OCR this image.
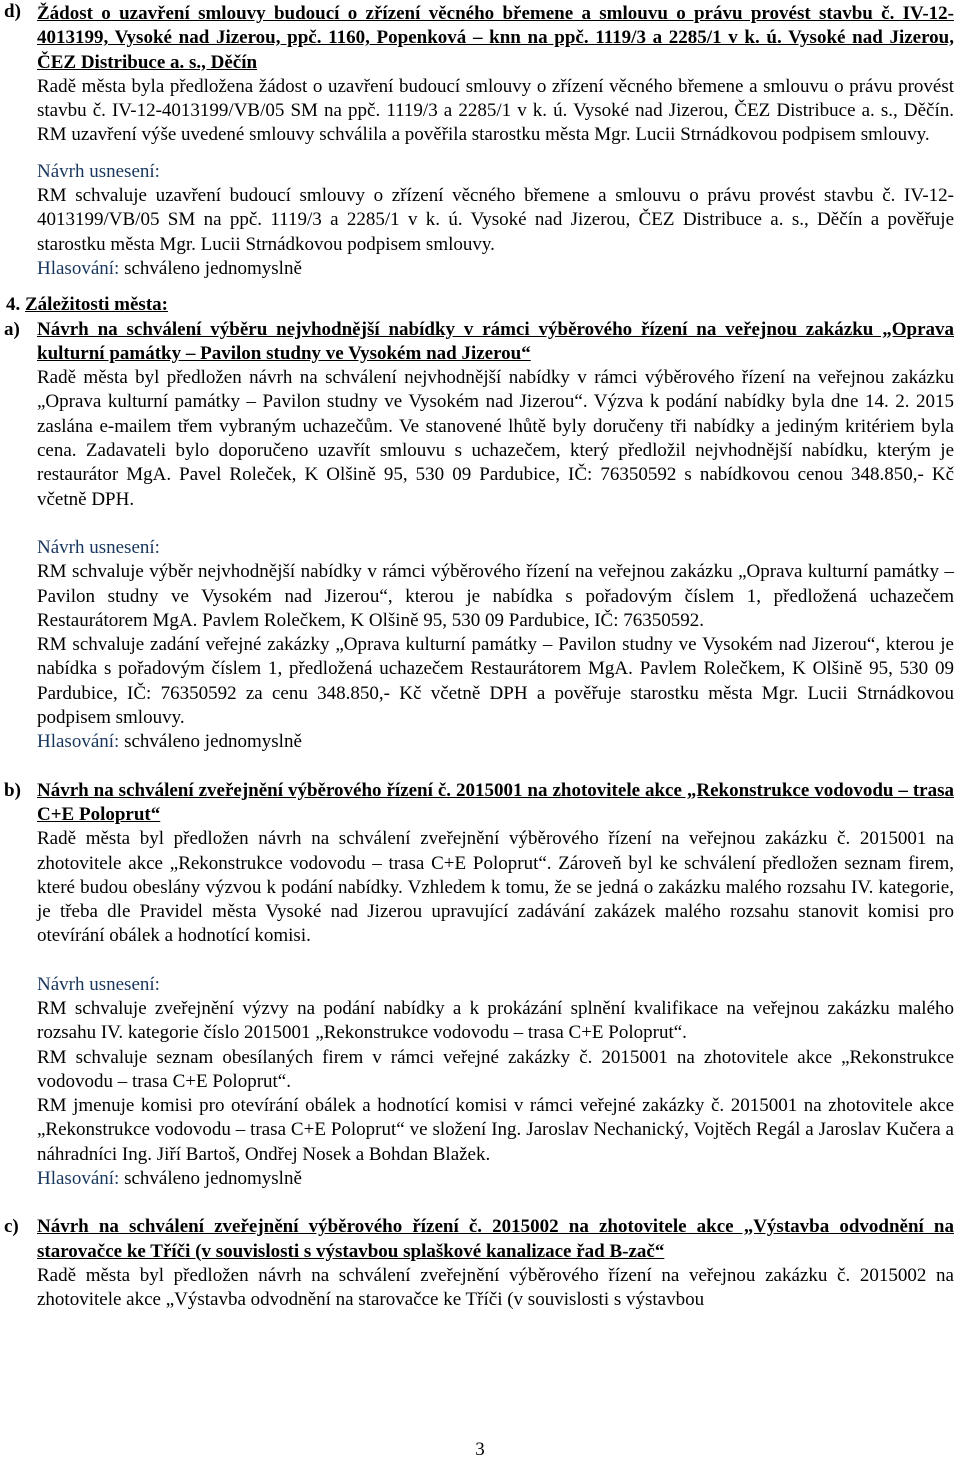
d) Žádost o uzavření smlouvy budoucí o zřízení věcného břemene a smlouvu o právu provést stavbu č. IV-12-4013199, Vysoké nad Jizerou, ppč. 1160, Popenková – knn na ppč. 1119/3 a 2285/1 v k. ú. Vysoké nad Jizerou, ČEZ Distribuce a. s., Děčín
Radě města byla předložena žádost o uzavření budoucí smlouvy o zřízení věcného břemene a smlouvu o právu provést stavbu č. IV-12-4013199/VB/05 SM na ppč. 1119/3 a 2285/1 v k. ú. Vysoké nad Jizerou, ČEZ Distribuce a. s., Děčín. RM uzavření výše uvedené smlouvy schválila a pověřila starostku města Mgr. Lucii Strnádkovou podpisem smlouvy.
Návrh usnesení:
RM schvaluje uzavření budoucí smlouvy o zřízení věcného břemene a smlouvu o právu provést stavbu č. IV-12-4013199/VB/05 SM na ppč. 1119/3 a 2285/1 v k. ú. Vysoké nad Jizerou, ČEZ Distribuce a. s., Děčín a pověřuje starostku města Mgr. Lucii Strnádkovou podpisem smlouvy.
Hlasování: schváleno jednomyslně
4. Záležitosti města:
a) Návrh na schválení výběru nejvhodnější nabídky v rámci výběrového řízení na veřejnou zakázku „Oprava kulturní památky – Pavilon studny ve Vysokém nad Jizerou“
Radě města byl předložen návrh na schválení nejvhodnější nabídky v rámci výběrového řízení na veřejnou zakázku „Oprava kulturní památky – Pavilon studny ve Vysokém nad Jizerou“. Výzva k podání nabídky byla dne 14. 2. 2015 zaslána e-mailem třem vybraným uchazečům. Ve stanovené lhůtě byly doručeny tři nabídky a jediným kritériem byla cena. Zadavateli bylo doporučeno uzavřít smlouvu s uchazečem, který předložil nejvhodnější nabídku, kterým je restaurátor MgA. Pavel Roleček, K Olšině 95, 530 09 Pardubice, IČ: 76350592 s nabídkovou cenou 348.850,- Kč včetně DPH.
Návrh usnesení:
RM schvaluje výběr nejvhodnější nabídky v rámci výběrového řízení na veřejnou zakázku „Oprava kulturní památky – Pavilon studny ve Vysokém nad Jizerou“, kterou je nabídka s pořadovým číslem 1, předložená uchazečem Restaurátorem MgA. Pavlem Rolečkem, K Olšině 95, 530 09 Pardubice, IČ: 76350592.
RM schvaluje zadání veřejné zakázky „Oprava kulturní památky – Pavilon studny ve Vysokém nad Jizerou“, kterou je nabídka s pořadovým číslem 1, předložená uchazečem Restaurátorem MgA. Pavlem Rolečkem, K Olšině 95, 530 09 Pardubice, IČ: 76350592 za cenu 348.850,- Kč včetně DPH a pověřuje starostku města Mgr. Lucii Strnádkovou podpisem smlouvy.
Hlasování: schváleno jednomyslně
b) Návrh na schválení zveřejnění výběrového řízení č. 2015001 na zhotovitele akce „Rekonstrukce vodovodu – trasa C+E Poloprut“
Radě města byl předložen návrh na schválení zveřejnění výběrového řízení na veřejnou zakázku č. 2015001 na zhotovitele akce „Rekonstrukce vodovodu – trasa C+E Poloprut“. Zároveň byl ke schválení předložen seznam firem, které budou obeslány výzvou k podání nabídky. Vzhledem k tomu, že se jedná o zakázku malého rozsahu IV. kategorie, je třeba dle Pravidel města Vysoké nad Jizerou upravující zadávání zakázek malého rozsahu stanovit komisi pro otevírání obálek a hodnotící komisi.
Návrh usnesení:
RM schvaluje zveřejnění výzvy na podání nabídky a k prokázání splnění kvalifikace na veřejnou zakázku malého rozsahu IV. kategorie číslo 2015001 „Rekonstrukce vodovodu – trasa C+E Poloprut“.
RM schvaluje seznam obesílaných firem v rámci veřejné zakázky č. 2015001 na zhotovitele akce „Rekonstrukce vodovodu – trasa C+E Poloprut“.
RM jmenuje komisi pro otevírání obálek a hodnotící komisi v rámci veřejné zakázky č. 2015001 na zhotovitele akce „Rekonstrukce vodovodu – trasa C+E Poloprut“ ve složení Ing. Jaroslav Nechanický, Vojtěch Regál a Jaroslav Kučera a náhradníci Ing. Jiří Bartoš, Ondřej Nosek a Bohdan Blažek.
Hlasování: schváleno jednomyslně
c) Návrh na schválení zveřejnění výběrového řízení č. 2015002 na zhotovitele akce „Výstavba odvodnění na starovačce ke Tříči (v souvislosti s výstavbou splaškové kanalizace řad B-zač“
Radě města byl předložen návrh na schválení zveřejnění výběrového řízení na veřejnou zakázku č. 2015002 na zhotovitele akce „Výstavba odvodnění na starovačce ke Tříči (v souvislosti s výstavbou
3
